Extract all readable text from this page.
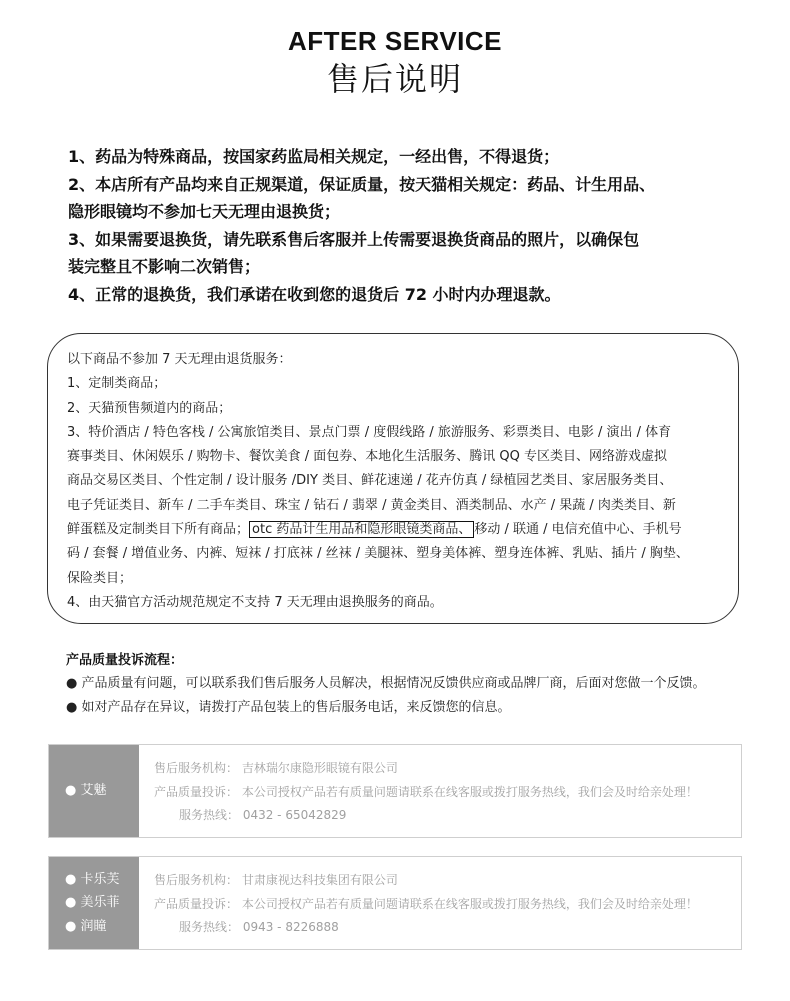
AFTER SERVICE
售后说明

1、药品为特殊商品，按国家药监局相关规定，一经出售，不得退货；

2、本店所有产品均来自正规渠道，保证质量，按天猫相关规定：药品、计生用品、

隐形眼镜均不参加七天无理由退换货；

3、如果需要退换货，请先联系售后客服并上传需要退换货商品的照片，以确保包

装完整且不影响二次销售；

4、正常的退换货，我们承诺在收到您的退货后 72 小时内办理退款。

以下商品不参加 7 天无理由退货服务：

1、定制类商品；

2、天猫预售频道内的商品；

3、特价酒店 / 特色客栈 / 公寓旅馆类目、景点门票 / 度假线路 / 旅游服务、彩票类目、电影 / 演出 / 体育

赛事类目、休闲娱乐 / 购物卡、餐饮美食 / 面包券、本地化生活服务、腾讯 QQ 专区类目、网络游戏虚拟

商品交易区类目、个性定制 / 设计服务 /DIY 类目、鲜花速递 / 花卉仿真 / 绿植园艺类目、家居服务类目、

电子凭证类目、新车 / 二手车类目、珠宝 / 钻石 / 翡翠 / 黄金类目、酒类制品、水产 / 果蔬 / 肉类类目、新

鲜蛋糕及定制类目下所有商品； otc 药品计生用品和隐形眼镜类商品、 移动 / 联通 / 电信充值中心、手机号

码 / 套餐 / 增值业务、内裤、短袜 / 打底袜 / 丝袜 / 美腿袜、塑身美体裤、塑身连体裤、乳贴、插片 / 胸垫、

保险类目；

4、由天猫官方活动规范规定不支持 7 天无理由退换服务的商品。

产品质量投诉流程：

● 产品质量有问题，可以联系我们售后服务人员解决，根据情况反馈供应商或品牌厂商，后面对您做一个反馈。

● 如对产品存在异议，请拨打产品包装上的售后服务电话，来反馈您的信息。

● 艾魅

售后服务机构： 吉林瑞尔康隐形眼镜有限公司

产品质量投诉： 本公司授权产品若有质量问题请联系在线客服或拨打服务热线，我们会及时给亲处理！

服务热线： 0432 - 65042829

● 卡乐芙
● 美乐菲
● 润瞳

售后服务机构： 甘肃康视达科技集团有限公司

产品质量投诉： 本公司授权产品若有质量问题请联系在线客服或拨打服务热线，我们会及时给亲处理！

服务热线： 0943 - 8226888
